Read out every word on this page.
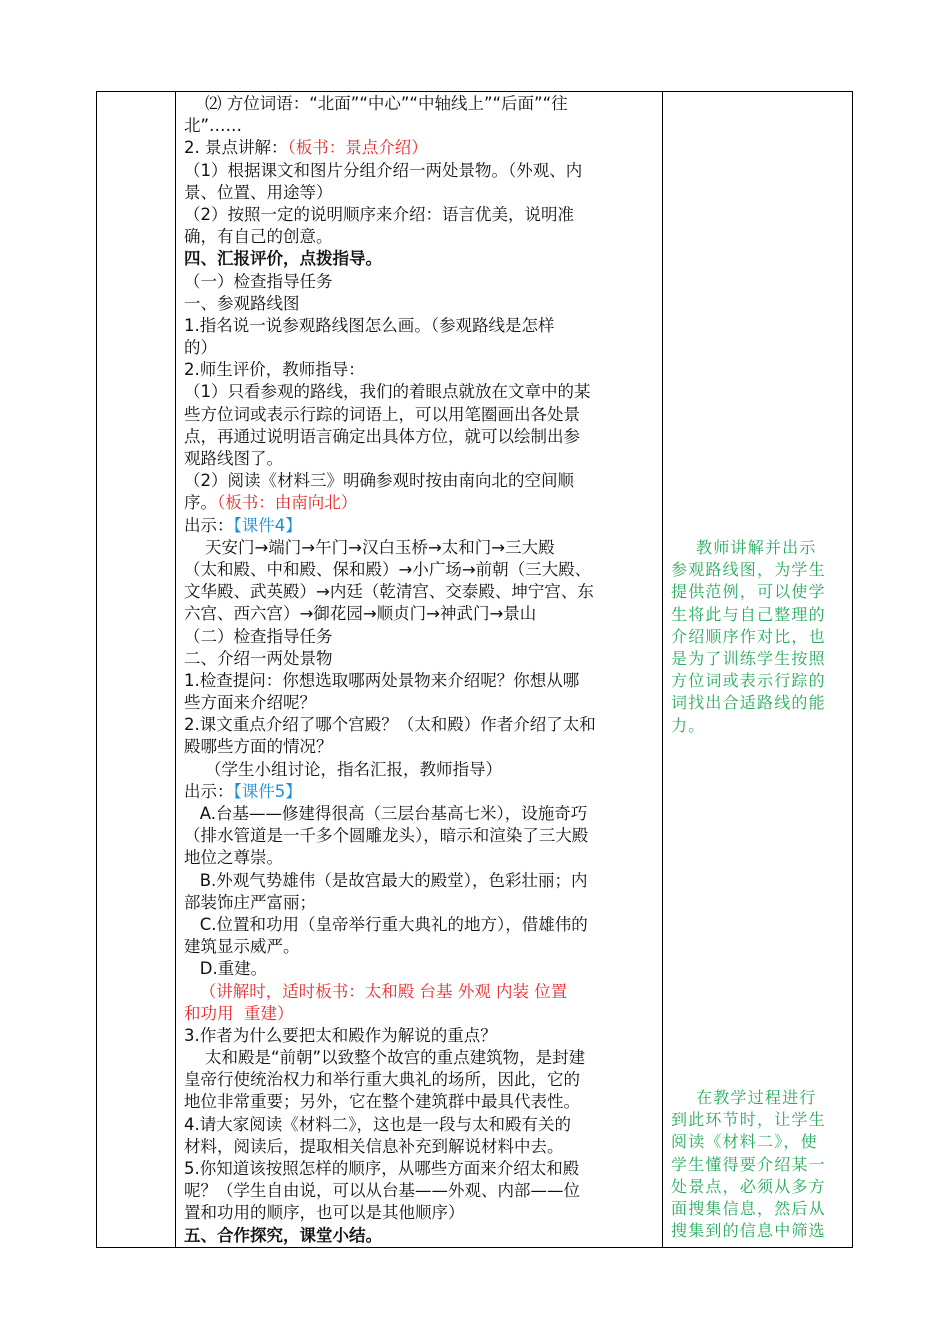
⑵ 方位词语：“北面”“中心”“中轴线上”“后面”“往
北”……
2. 景点讲解：（板书：景点介绍）
（1）根据课文和图片分组介绍一两处景物。（外观、内
景、位置、用途等）
（2）按照一定的说明顺序来介绍：语言优美，说明准
确，有自己的创意。
四、汇报评价，点拨指导。
（一）检查指导任务
一、参观路线图
1.指名说一说参观路线图怎么画。（参观路线是怎样
的）
2.师生评价，教师指导：
（1）只看参观的路线，我们的着眼点就放在文章中的某
些方位词或表示行踪的词语上，可以用笔圈画出各处景
点，再通过说明语言确定出具体方位，就可以绘制出参
观路线图了。
（2）阅读《材料三》明确参观时按由南向北的空间顺
序。（板书：由南向北）
出示：【课件4】
天安门→端门→午门→汉白玉桥→太和门→三大殿
（太和殿、中和殿、保和殿）→小广场→前朝（三大殿、
文华殿、武英殿）→内廷（乾清宫、交泰殿、坤宁宫、东
六宫、西六宫）→御花园→顺贞门→神武门→景山
（二）检查指导任务
二、介绍一两处景物
1.检查提问：你想选取哪两处景物来介绍呢？你想从哪
些方面来介绍呢？
2.课文重点介绍了哪个宫殿？（太和殿）作者介绍了太和
殿哪些方面的情况？
（学生小组讨论，指名汇报，教师指导）
出示：【课件5】
A.台基——修建得很高（三层台基高七米），设施奇巧
（排水管道是一千多个圆雕龙头），暗示和渲染了三大殿
地位之尊崇。
B.外观气势雄伟（是故宫最大的殿堂），色彩壮丽；内
部装饰庄严富丽；
C.位置和功用（皇帝举行重大典礼的地方），借雄伟的
建筑显示威严。
D.重建。
（讲解时，适时板书：太和殿 台基 外观 内装 位置
和功用  重建）
3.作者为什么要把太和殿作为解说的重点？
太和殿是“前朝”以致整个故宫的重点建筑物，是封建
皇帝行使统治权力和举行重大典礼的场所，因此，它的
地位非常重要；另外，它在整个建筑群中最具代表性。
4.请大家阅读《材料二》，这也是一段与太和殿有关的
材料，阅读后，提取相关信息补充到解说材料中去。
5.你知道该按照怎样的顺序，从哪些方面来介绍太和殿
呢？（学生自由说，可以从台基——外观、内部——位
置和功用的顺序，也可以是其他顺序）
五、合作探究，课堂小结。
教师讲解并出示
参观路线图，为学生
提供范例，可以使学
生将此与自己整理的
介绍顺序作对比，也
是为了训练学生按照
方位词或表示行踪的
词找出合适路线的能
力。
在教学过程进行
到此环节时，让学生
阅读《材料二》，使
学生懂得要介绍某一
处景点，必须从多方
面搜集信息，然后从
搜集到的信息中筛选
